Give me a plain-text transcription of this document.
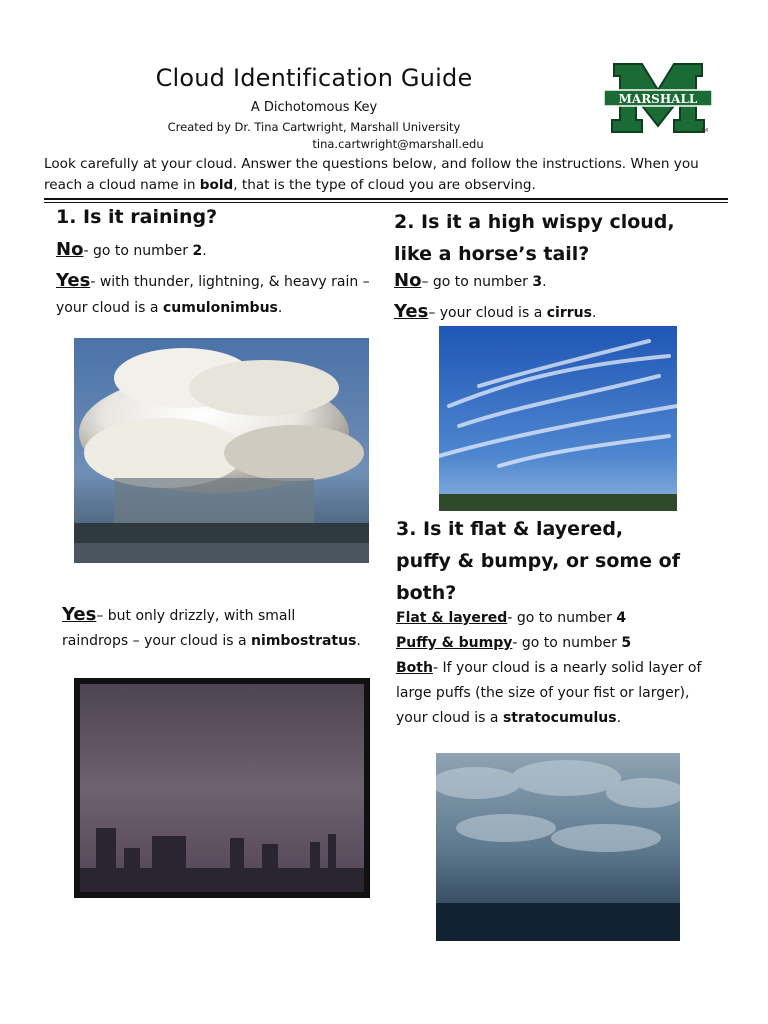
Cloud Identification Guide
A Dichotomous Key
Created by Dr. Tina Cartwright, Marshall University
tina.cartwright@marshall.edu
Look carefully at your cloud. Answer the questions below, and follow the instructions. When you reach a cloud name in bold, that is the type of cloud you are observing.
MARSHALL
TM
1. Is it raining?
No- go to number 2.
Yes- with thunder, lightning, & heavy rain – your cloud is a cumulonimbus.
Yes– but only drizzly, with small raindrops – your cloud is a nimbostratus.
2. Is it a high wispy cloud,
like a horse’s tail?
No– go to number 3.
Yes– your cloud is a cirrus.
3. Is it flat & layered,
puffy & bumpy, or some of
both?
Flat & layered- go to number 4
Puffy & bumpy- go to number 5
Both- If your cloud is a nearly solid layer of large puffs (the size of your fist or larger), your cloud is a stratocumulus.
